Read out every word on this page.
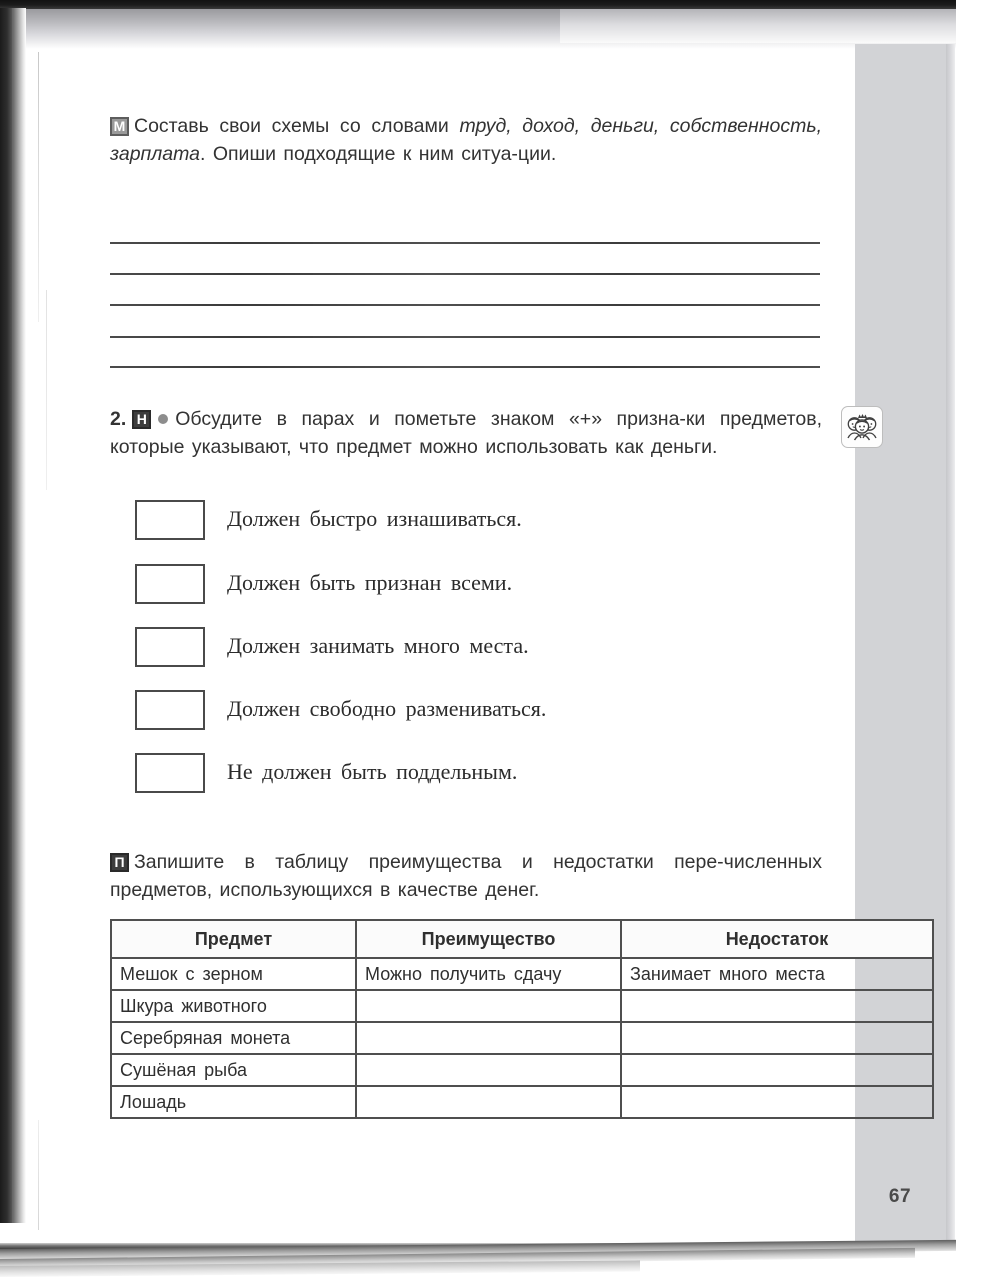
М Составь свои схемы со словами труд, доход, деньги, собственность, зарплата. Опиши подходящие к ним ситуа-ции.
2. Н Обсудите в парах и пометьте знаком «+» призна-ки предметов, которые указывают, что предмет можно использовать как деньги.
Должен быстро изнашиваться.
Должен быть признан всеми.
Должен занимать много места.
Должен свободно размениваться.
Не должен быть поддельным.
П Запишите в таблицу преимущества и недостатки пере-численных предметов, использующихся в качестве денег.
Предмет	Преимущество	Недостаток
Мешок с зерном	Можно получить сдачу	Занимает много места
Шкура животного		
Серебряная монета		
Сушёная рыба		
Лошадь		
67
